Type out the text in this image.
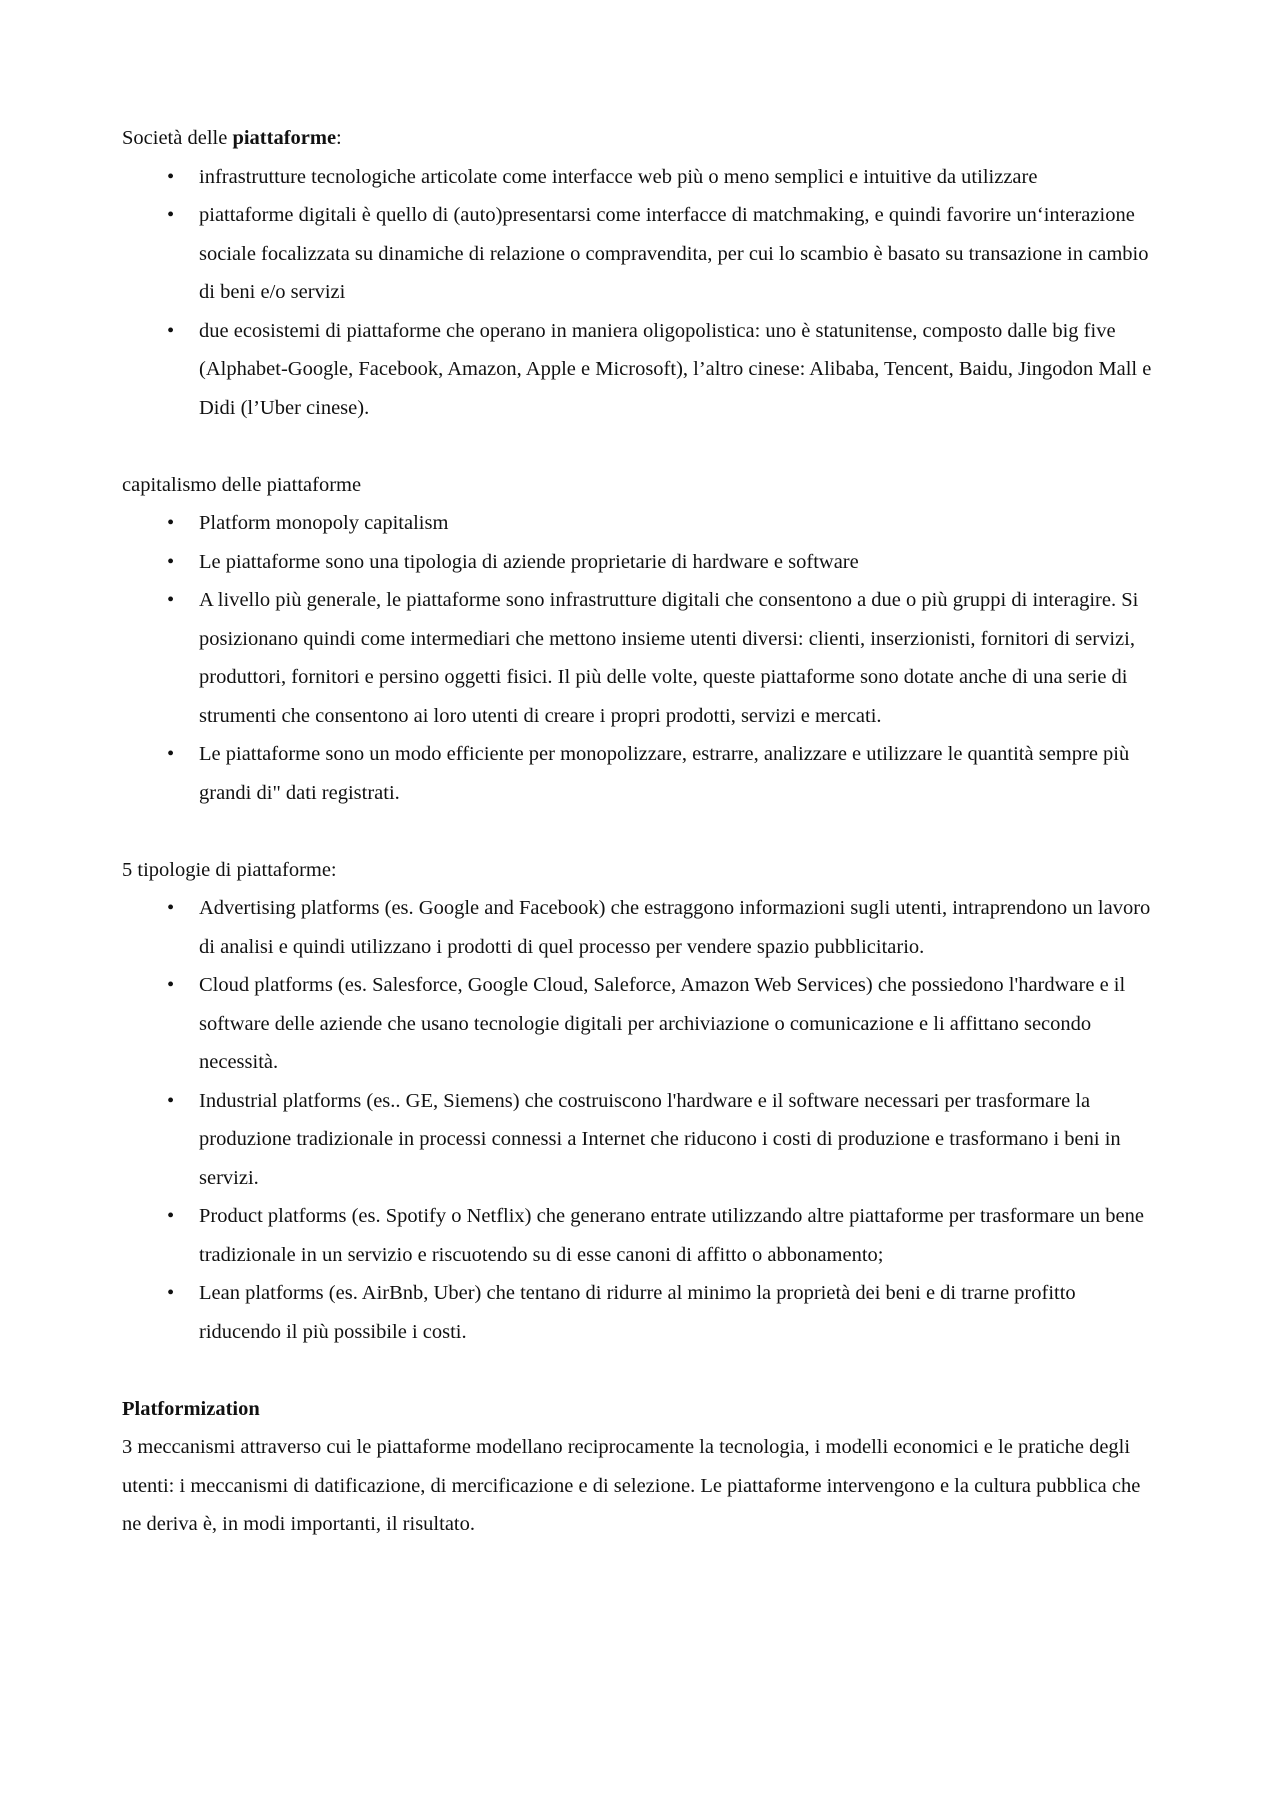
Società delle piattaforme:

• infrastrutture tecnologiche articolate come interfacce web più o meno semplici e intuitive da utilizzare
• piattaforme digitali è quello di (auto)presentarsi come interfacce di matchmaking, e quindi favorire un‘interazione sociale focalizzata su dinamiche di relazione o compravendita, per cui lo scambio è basato su transazione in cambio di beni e/o servizi
• due ecosistemi di piattaforme che operano in maniera oligopolistica: uno è statunitense, composto dalle big five (Alphabet-Google, Facebook, Amazon, Apple e Microsoft), l’altro cinese: Alibaba, Tencent, Baidu, Jingodon Mall e Didi (l’Uber cinese).

capitalismo delle piattaforme

• Platform monopoly capitalism
• Le piattaforme sono una tipologia di aziende proprietarie di hardware e software
• A livello più generale, le piattaforme sono infrastrutture digitali che consentono a due o più gruppi di interagire. Si posizionano quindi come intermediari che mettono insieme utenti diversi: clienti, inserzionisti, fornitori di servizi, produttori, fornitori e persino oggetti fisici. Il più delle volte, queste piattaforme sono dotate anche di una serie di strumenti che consentono ai loro utenti di creare i propri prodotti, servizi e mercati.
• Le piattaforme sono un modo efficiente per monopolizzare, estrarre, analizzare e utilizzare le quantità sempre più grandi di" dati registrati.

5 tipologie di piattaforme:

• Advertising platforms (es. Google and Facebook) che estraggono informazioni sugli utenti, intraprendono un lavoro di analisi e quindi utilizzano i prodotti di quel processo per vendere spazio pubblicitario.
• Cloud platforms (es. Salesforce, Google Cloud, Saleforce, Amazon Web Services) che possiedono l'hardware e il software delle aziende che usano tecnologie digitali per archiviazione o comunicazione e li affittano secondo necessità.
• Industrial platforms (es.. GE, Siemens) che costruiscono l'hardware e il software necessari per trasformare la produzione tradizionale in processi connessi a Internet che riducono i costi di produzione e trasformano i beni in servizi.
• Product platforms (es. Spotify o Netflix) che generano entrate utilizzando altre piattaforme per trasformare un bene tradizionale in un servizio e riscuotendo su di esse canoni di affitto o abbonamento;
• Lean platforms (es. AirBnb, Uber) che tentano di ridurre al minimo la proprietà dei beni e di trarne profitto riducendo il più possibile i costi.

Platformization

3 meccanismi attraverso cui le piattaforme modellano reciprocamente la tecnologia, i modelli economici e le pratiche degli utenti: i meccanismi di datificazione, di mercificazione e di selezione. Le piattaforme intervengono e la cultura pubblica che ne deriva è, in modi importanti, il risultato.
